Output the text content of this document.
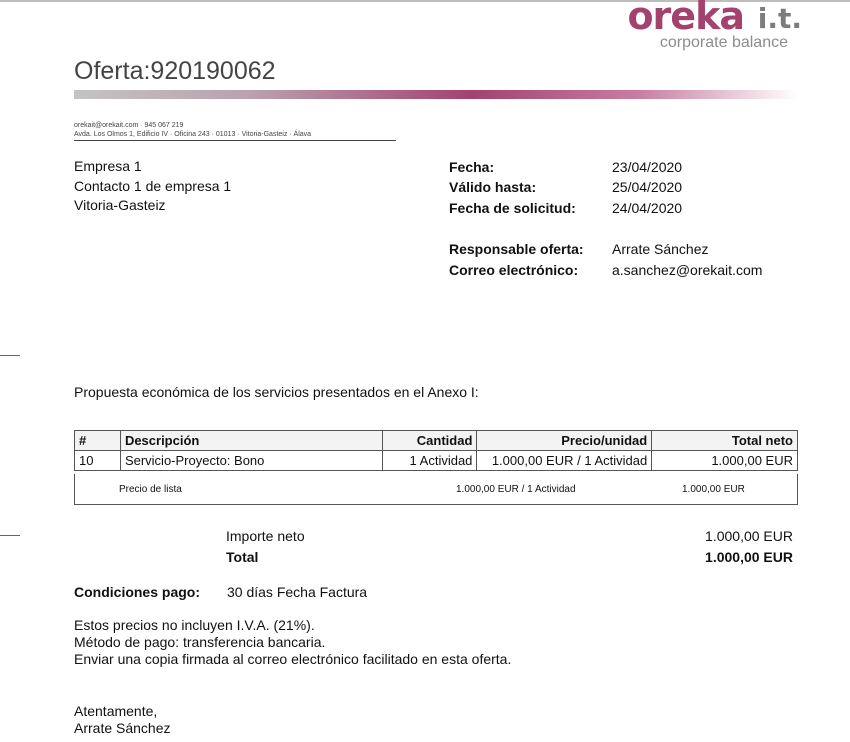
oreka i.t.
corporate balance
Oferta:920190062
orekait@orekait.com · 945 067 219
Avda. Los Olmos 1, Edificio IV · Oficina 243 · 01013 · Vitoria-Gasteiz · Álava
Empresa 1
Contacto 1 de empresa 1
Vitoria-Gasteiz
Fecha:	23/04/2020
Válido hasta:	25/04/2020
Fecha de solicitud:	24/04/2020
Responsable oferta: Arrate Sánchez
Correo electrónico: a.sanchez@orekait.com
Propuesta económica de los servicios presentados en el Anexo I:
#	Descripción	Cantidad	Precio/unidad	Total neto
10	Servicio-Proyecto: Bono	1 Actividad	1.000,00 EUR / 1 Actividad	1.000,00 EUR
Precio de lista	1.000,00 EUR / 1 Actividad	1.000,00 EUR
Importe neto	1.000,00 EUR
Total	1.000,00 EUR
Condiciones pago: 30 días Fecha Factura
Estos precios no incluyen I.V.A. (21%).
Método de pago: transferencia bancaria.
Enviar una copia firmada al correo electrónico facilitado en esta oferta.
Atentamente,
Arrate Sánchez
